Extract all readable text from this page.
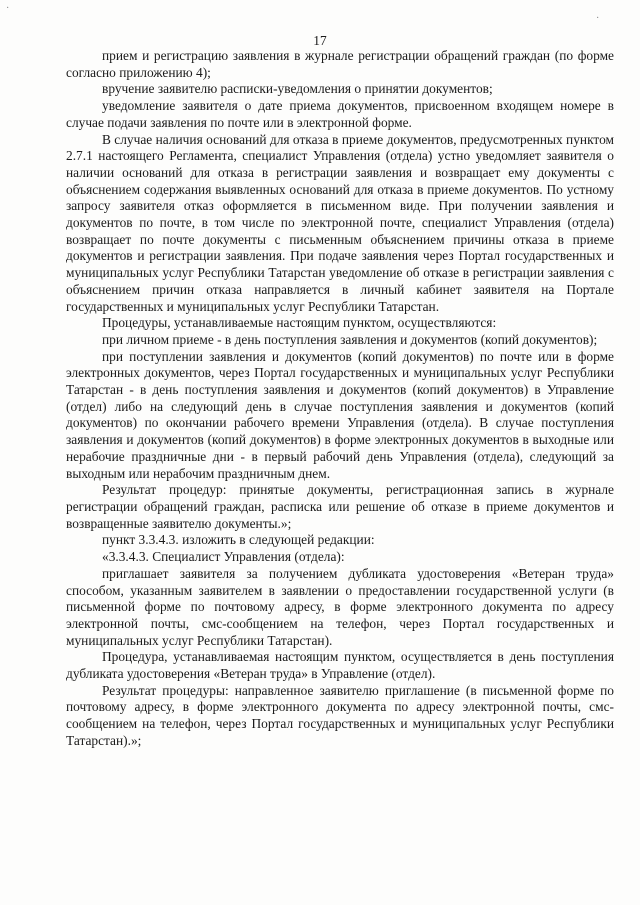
·
·
17

прием и регистрацию заявления в журнале регистрации обращений граждан (по форме согласно приложению 4);

вручение заявителю расписки-уведомления о принятии документов;

уведомление заявителя о дате приема документов, присвоенном входящем номере в случае подачи заявления по почте или в электронной форме.

В случае наличия оснований для отказа в приеме документов, предусмотренных пунктом 2.7.1 настоящего Регламента, специалист Управления (отдела) устно уведомляет заявителя о наличии оснований для отказа в регистрации заявления и возвращает ему документы с объяснением содержания выявленных оснований для отказа в приеме документов. По устному запросу заявителя отказ оформляется в письменном виде. При получении заявления и документов по почте, в том числе по электронной почте, специалист Управления (отдела) возвращает по почте документы с письменным объяснением причины отказа в приеме документов и регистрации заявления. При подаче заявления через Портал государственных и муниципальных услуг Республики Татарстан уведомление об отказе в регистрации заявления с объяснением причин отказа направляется в личный кабинет заявителя на Портале государственных и муниципальных услуг Республики Татарстан.

Процедуры, устанавливаемые настоящим пунктом, осуществляются:

при личном приеме - в день поступления заявления и документов (копий документов);

при поступлении заявления и документов (копий документов) по почте или в форме электронных документов, через Портал государственных и муниципальных услуг Республики Татарстан - в день поступления заявления и документов (копий документов) в Управление (отдел) либо на следующий день в случае поступления заявления и документов (копий документов) по окончании рабочего времени Управления (отдела). В случае поступления заявления и документов (копий документов) в форме электронных документов в выходные или нерабочие праздничные дни - в первый рабочий день Управления (отдела), следующий за выходным или нерабочим праздничным днем.

Результат процедур: принятые документы, регистрационная запись в журнале регистрации обращений граждан, расписка или решение об отказе в приеме документов и возвращенные заявителю документы.»;

пункт 3.3.4.3. изложить в следующей редакции:

«3.3.4.3. Специалист Управления (отдела):

приглашает заявителя за получением дубликата удостоверения «Ветеран труда» способом, указанным заявителем в заявлении о предоставлении государственной услуги (в письменной форме по почтовому адресу, в форме электронного документа по адресу электронной почты, смс-сообщением на телефон, через Портал государственных и муниципальных услуг Республики Татарстан).

Процедура, устанавливаемая настоящим пунктом, осуществляется в день поступления дубликата удостоверения «Ветеран труда» в Управление (отдел).

Результат процедуры: направленное заявителю приглашение (в письменной форме по почтовому адресу, в форме электронного документа по адресу электронной почты, смс-сообщением на телефон, через Портал государственных и муниципальных услуг Республики Татарстан).»;
